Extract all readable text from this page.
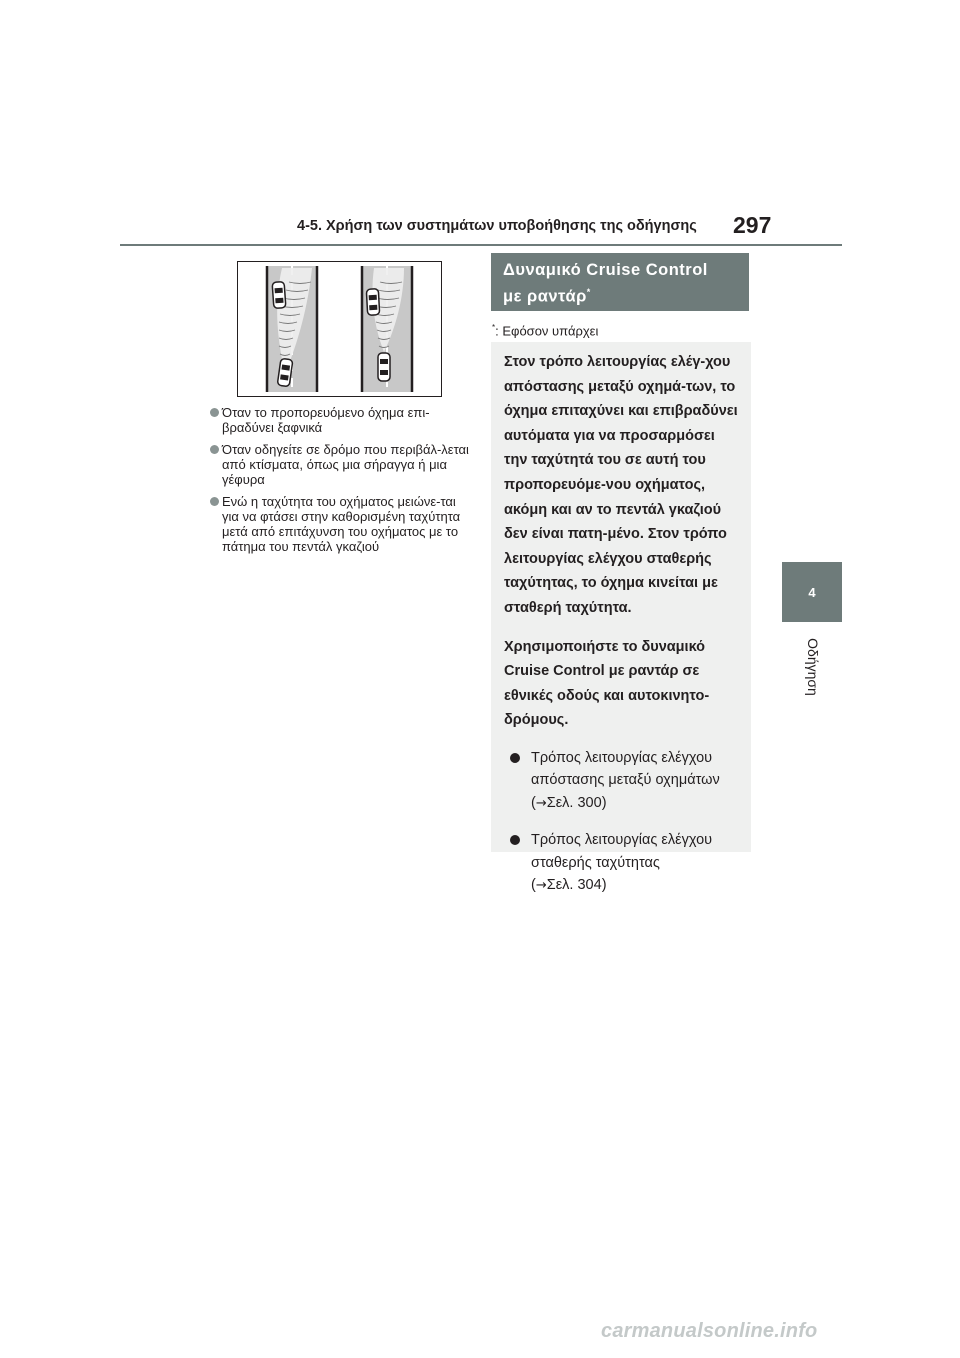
4-5. Χρήση των συστημάτων υποβοήθησης της οδήγησης 297
4
Οδήγηση
Όταν το προπορευόμενο όχημα επι-βραδύνει ξαφνικά
Όταν οδηγείτε σε δρόμο που περιβάλ-λεται από κτίσματα, όπως μια σήραγγα ή μια γέφυρα
Ενώ η ταχύτητα του οχήματος μειώνε-ται για να φτάσει στην καθορισμένη ταχύτητα μετά από επιτάχυνση του οχήματος με το πάτημα του πεντάλ γκαζιού
Δυναμικό Cruise Control
με ραντάρ*
*: Εφόσον υπάρχει

Στον τρόπο λειτουργίας ελέγ-χου απόστασης μεταξύ οχημά-των, το όχημα επιταχύνει και επιβραδύνει αυτόματα για να προσαρμόσει την ταχύτητά του σε αυτή του προπορευόμε-νου οχήματος, ακόμη και αν το πεντάλ γκαζιού δεν είναι πατη-μένο. Στον τρόπο λειτουργίας ελέγχου σταθερής ταχύτητας, το όχημα κινείται με σταθερή ταχύτητα.

Χρησιμοποιήστε το δυναμικό Cruise Control με ραντάρ σε εθνικές οδούς και αυτοκινητο-δρόμους.

Τρόπος λειτουργίας ελέγχου απόστασης μεταξύ οχημάτων
(→Σελ. 300)
Τρόπος λειτουργίας ελέγχου σταθερής ταχύτητας
(→Σελ. 304)
carmanualsonline.info
